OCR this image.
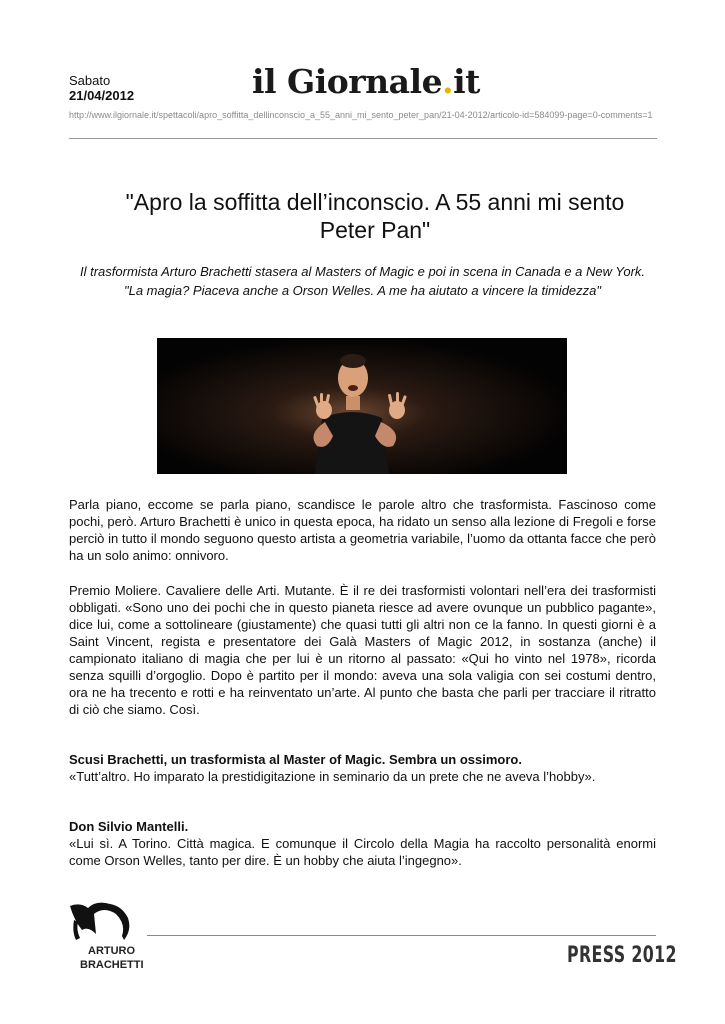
Sabato
21/04/2012	il Giornale.it
http://www.ilgiornale.it/spettacoli/apro_soffitta_dellinconscio_a_55_anni_mi_sento_peter_pan/21-04-2012/articolo-id=584099-page=0-comments=1
"Apro la soffitta dell’inconscio. A 55 anni mi sento Peter Pan"

Il trasformista Arturo Brachetti stasera al Masters of Magic e poi in scena in Canada e a New York. "La magia? Piaceva anche a Orson Welles. A me ha aiutato a vincere la timidezza"

Parla piano, eccome se parla piano, scandisce le parole altro che trasformista. Fascinoso come pochi, però. Arturo Brachetti è unico in questa epoca, ha ridato un senso alla lezione di Fregoli e forse perciò in tutto il mondo seguono questo artista a geometria variabile, l’uomo da ottanta facce che però ha un solo animo: onnivoro.

Premio Moliere. Cavaliere delle Arti. Mutante. È il re dei trasformisti volontari nell’era dei trasformisti obbligati. «Sono uno dei pochi che in questo pianeta riesce ad avere ovunque un pubblico pagante», dice lui, come a sottolineare (giustamente) che quasi tutti gli altri non ce la fanno. In questi giorni è a Saint Vincent, regista e presentatore dei Galà Masters of Magic 2012, in sostanza (anche) il campionato italiano di magia che per lui è un ritorno al passato: «Qui ho vinto nel 1978», ricorda senza squilli d’orgoglio. Dopo è partito per il mondo: aveva una sola valigia con sei costumi dentro, ora ne ha trecento e rotti e ha reinventato un’arte. Al punto che basta che parli per tracciare il ritratto di ciò che siamo. Così.

Scusi Brachetti, un trasformista al Master of Magic. Sembra un ossimoro.
«Tutt’altro. Ho imparato la prestidigitazione in seminario da un prete che ne aveva l’hobby».

Don Silvio Mantelli.
«Lui sì. A Torino. Città magica. E comunque il Circolo della Magia ha raccolto personalità enormi come Orson Welles, tanto per dire. È un hobby che aiuta l’ingegno».

ARTURO
BRACHETTI	PRESS 2012
